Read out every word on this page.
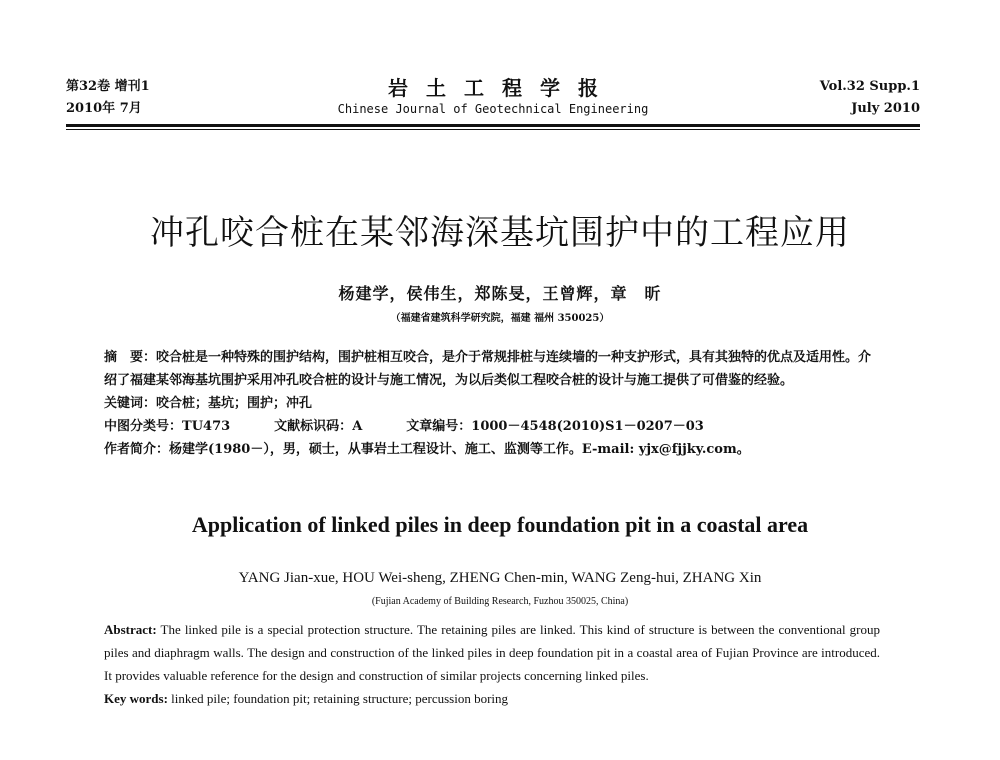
第32卷 增刊1
2010年 7月
岩土工程学报
Chinese Journal of Geotechnical Engineering
Vol.32 Supp.1
July 2010
冲孔咬合桩在某邻海深基坑围护中的工程应用
杨建学，侯伟生，郑陈旻，王曾辉，章　昕
（福建省建筑科学研究院，福建 福州 350025）

摘　要：咬合桩是一种特殊的围护结构，围护桩相互咬合，是介于常规排桩与连续墙的一种支护形式，具有其独特的优点及适用性。介绍了福建某邻海基坑围护采用冲孔咬合桩的设计与施工情况，为以后类似工程咬合桩的设计与施工提供了可借鉴的经验。

关键词：咬合桩；基坑；围护；冲孔

中图分类号：TU473	文献标识码：A	文章编号：1000－4548(2010)S1－0207－03

作者简介：杨建学(1980－），男，硕士，从事岩土工程设计、施工、监测等工作。E-mail: yjx@fjjky.com。

Application of linked piles in deep foundation pit in a coastal area
YANG Jian-xue, HOU Wei-sheng, ZHENG Chen-min, WANG Zeng-hui, ZHANG Xin
(Fujian Academy of Building Research, Fuzhou 350025, China)

Abstract: The linked pile is a special protection structure. The retaining piles are linked. This kind of structure is between the conventional group piles and diaphragm walls. The design and construction of the linked piles in deep foundation pit in a coastal area of Fujian Province are introduced. It provides valuable reference for the design and construction of similar projects concerning linked piles.

Key words: linked pile; foundation pit; retaining structure; percussion boring
